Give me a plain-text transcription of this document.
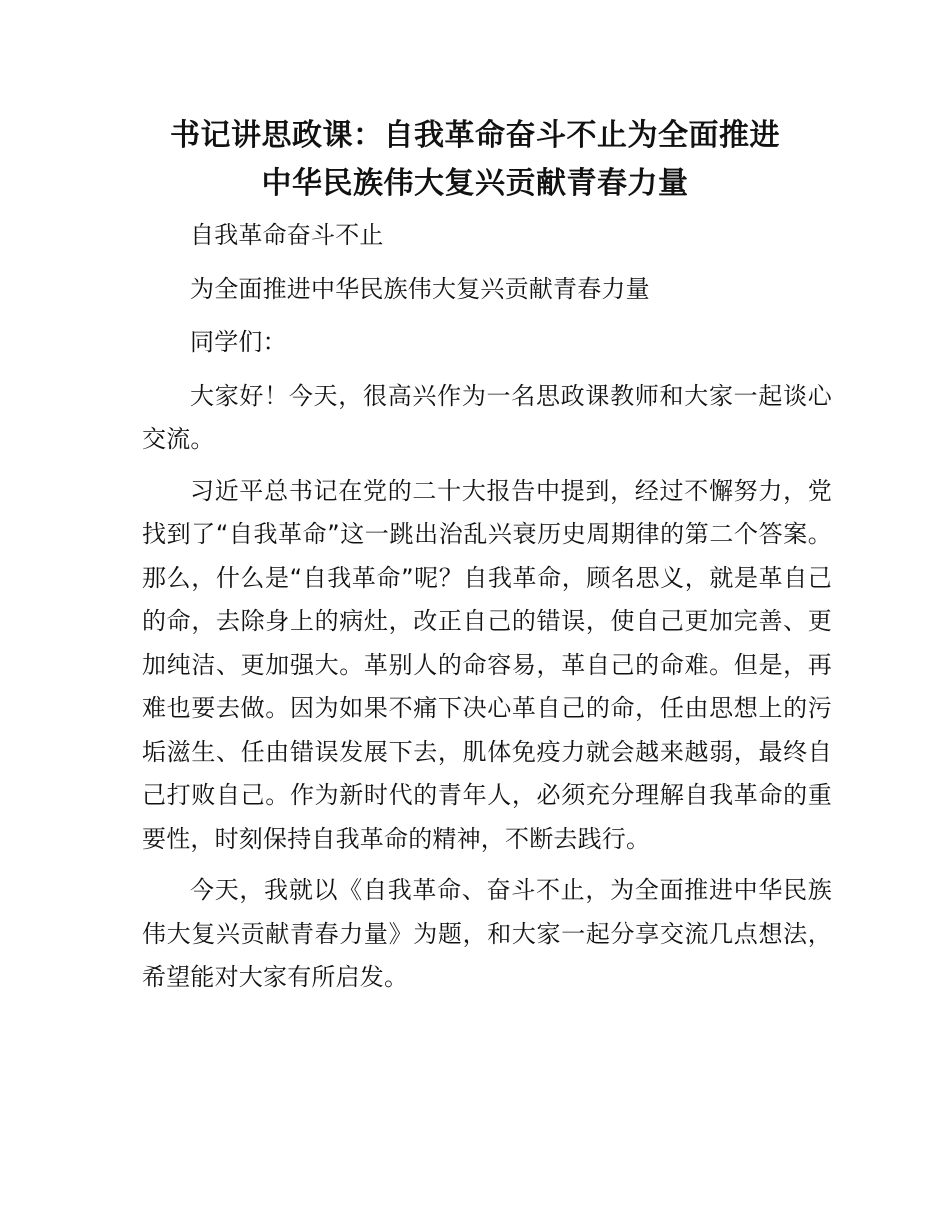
书记讲思政课：自我革命奋斗不止为全面推进
中华民族伟大复兴贡献青春力量

自我革命奋斗不止

为全面推进中华民族伟大复兴贡献青春力量

同学们：

大家好！今天，很高兴作为一名思政课教师和大家一起谈心交流。

习近平总书记在党的二十大报告中提到，经过不懈努力，党找到了“自我革命”这一跳出治乱兴衰历史周期律的第二个答案。那么，什么是“自我革命”呢？自我革命，顾名思义，就是革自己的命，去除身上的病灶，改正自己的错误，使自己更加完善、更加纯洁、更加强大。革别人的命容易，革自己的命难。但是，再难也要去做。因为如果不痛下决心革自己的命，任由思想上的污垢滋生、任由错误发展下去，肌体免疫力就会越来越弱，最终自己打败自己。作为新时代的青年人，必须充分理解自我革命的重要性，时刻保持自我革命的精神，不断去践行。

今天，我就以《自我革命、奋斗不止，为全面推进中华民族伟大复兴贡献青春力量》为题，和大家一起分享交流几点想法，希望能对大家有所启发。
